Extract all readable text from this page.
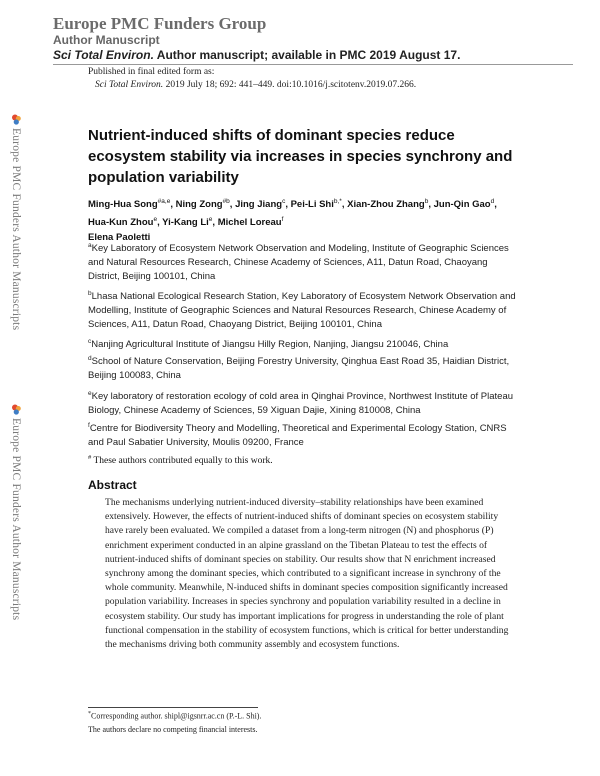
Europe PMC Funders Group
Author Manuscript
Sci Total Environ. Author manuscript; available in PMC 2019 August 17.
Published in final edited form as:
Sci Total Environ. 2019 July 18; 692: 441–449. doi:10.1016/j.scitotenv.2019.07.266.
Europe PMC Funders Author Manuscripts
Europe PMC Funders Author Manuscripts
Nutrient-induced shifts of dominant species reduce ecosystem stability via increases in species synchrony and population variability
Ming-Hua Song$^{\#a,e}$, Ning Zong$^{\#b}$, Jing Jiang$^c$, Pei-Li Shi$^{b,*}$, Xian-Zhou Zhang$^b$, Jun-Qin Gao$^d$, Hua-Kun Zhou$^e$, Yi-Kang Li$^e$, Michel Loreau$^f$
Elena Paoletti
$^a$Key Laboratory of Ecosystem Network Observation and Modeling, Institute of Geographic Sciences and Natural Resources Research, Chinese Academy of Sciences, A11, Datun Road, Chaoyang District, Beijing 100101, China
$^b$Lhasa National Ecological Research Station, Key Laboratory of Ecosystem Network Observation and Modelling, Institute of Geographic Sciences and Natural Resources Research, Chinese Academy of Sciences, A11, Datun Road, Chaoyang District, Beijing 100101, China
$^c$Nanjing Agricultural Institute of Jiangsu Hilly Region, Nanjing, Jiangsu 210046, China
$^d$School of Nature Conservation, Beijing Forestry University, Qinghua East Road 35, Haidian District, Beijing 100083, China
$^e$Key laboratory of restoration ecology of cold area in Qinghai Province, Northwest Institute of Plateau Biology, Chinese Academy of Sciences, 59 Xiguan Dajie, Xining 810008, China
$^f$Centre for Biodiversity Theory and Modelling, Theoretical and Experimental Ecology Station, CNRS and Paul Sabatier University, Moulis 09200, France
# These authors contributed equally to this work.
Abstract
The mechanisms underlying nutrient-induced diversity–stability relationships have been examined extensively. However, the effects of nutrient-induced shifts of dominant species on ecosystem stability have rarely been evaluated. We compiled a dataset from a long-term nitrogen (N) and phosphorus (P) enrichment experiment conducted in an alpine grassland on the Tibetan Plateau to test the effects of nutrient-induced shifts of dominant species on stability. Our results show that N enrichment increased synchrony among the dominant species, which contributed to a significant increase in synchrony of the whole community. Meanwhile, N-induced shifts in dominant species composition significantly increased population variability. Increases in species synchrony and population variability resulted in a decline in ecosystem stability. Our study has important implications for progress in understanding the role of plant functional compensation in the stability of ecosystem functions, which is critical for better understanding the mechanisms driving both community assembly and ecosystem functions.
*Corresponding author. shipl@igsnrr.ac.cn (P.-L. Shi).
The authors declare no competing financial interests.
